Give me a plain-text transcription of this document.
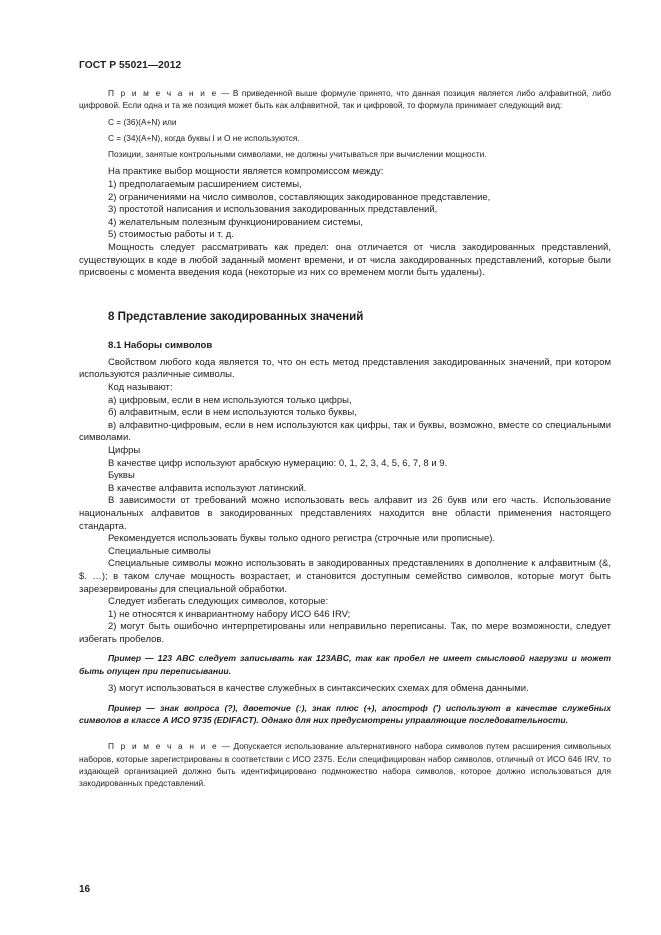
ГОСТ Р 55021—2012

П р и м е ч а н и е — В приведенной выше формуле принято, что данная позиция является либо алфавитной, либо цифровой. Если одна и та же позиция может быть как алфавитной, так и цифровой, то формула принимает следующий вид:

C = (36)(A+N) или

C = (34)(A+N), когда буквы I и O не используются.

Позиции, занятые контрольными символами, не должны учитываться при вычислении мощности.

На практике выбор мощности является компромиссом между:

1) предполагаемым расширением системы,

2) ограничениями на число символов, составляющих закодированное представление,

3) простотой написания и использования закодированных представлений,

4) желательным полезным функционированием системы,

5) стоимостью работы и т. д.

Мощность следует рассматривать как предел: она отличается от числа закодированных представлений, существующих в коде в любой заданный момент времени, и от числа закодированных представлений, которые были присвоены с момента введения кода (некоторые из них со временем могли быть удалены).

8 Представление закодированных значений
8.1 Наборы символов

Свойством любого кода является то, что он есть метод представления закодированных значений, при котором используются различные символы.

Код называют:

а) цифровым, если в нем используются только цифры,

б) алфавитным, если в нем используются только буквы,

в) алфавитно-цифровым, если в нем используются как цифры, так и буквы, возможно, вместе со специальными символами.

Цифры

В качестве цифр используют арабскую нумерацию: 0, 1, 2, 3, 4, 5, 6, 7, 8 и 9.

Буквы

В качестве алфавита используют латинский.

В зависимости от требований можно использовать весь алфавит из 26 букв или его часть. Использование национальных алфавитов в закодированных представлениях находится вне области применения настоящего стандарта.

Рекомендуется использовать буквы только одного регистра (строчные или прописные).

Специальные символы

Специальные символы можно использовать в закодированных представлениях в дополнение к алфавитным (&, $. …); в таком случае мощность возрастает, и становится доступным семейство символов, которые могут быть зарезервированы для специальной обработки.

Следует избегать следующих символов, которые:

1) не относятся к инвариантному набору ИСО 646 IRV;

2) могут быть ошибочно интерпретированы или неправильно переписаны. Так, по мере возможности, следует избегать пробелов.

Пример — 123 ABC следует записывать как 123ABC, так как пробел не имеет смысловой нагрузки и может быть опущен при переписывании.

3) могут использоваться в качестве служебных в синтаксических схемах для обмена данными.

Пример — знак вопроса (?), двоеточие (:), знак плюс (+), апостроф (') используют в качестве служебных символов в классе A ИСО 9735 (EDIFACT). Однако для них предусмотрены управляющие последовательности.

П р и м е ч а н и е — Допускается использование альтернативного набора символов путем расширения символьных наборов, которые зарегистрированы в соответствии с ИСО 2375. Если специфицирован набор символов, отличный от ИСО 646 IRV, то издающей организацией должно быть идентифицировано подмножество набора символов, которое должно использоваться для закодированных представлений.

16
